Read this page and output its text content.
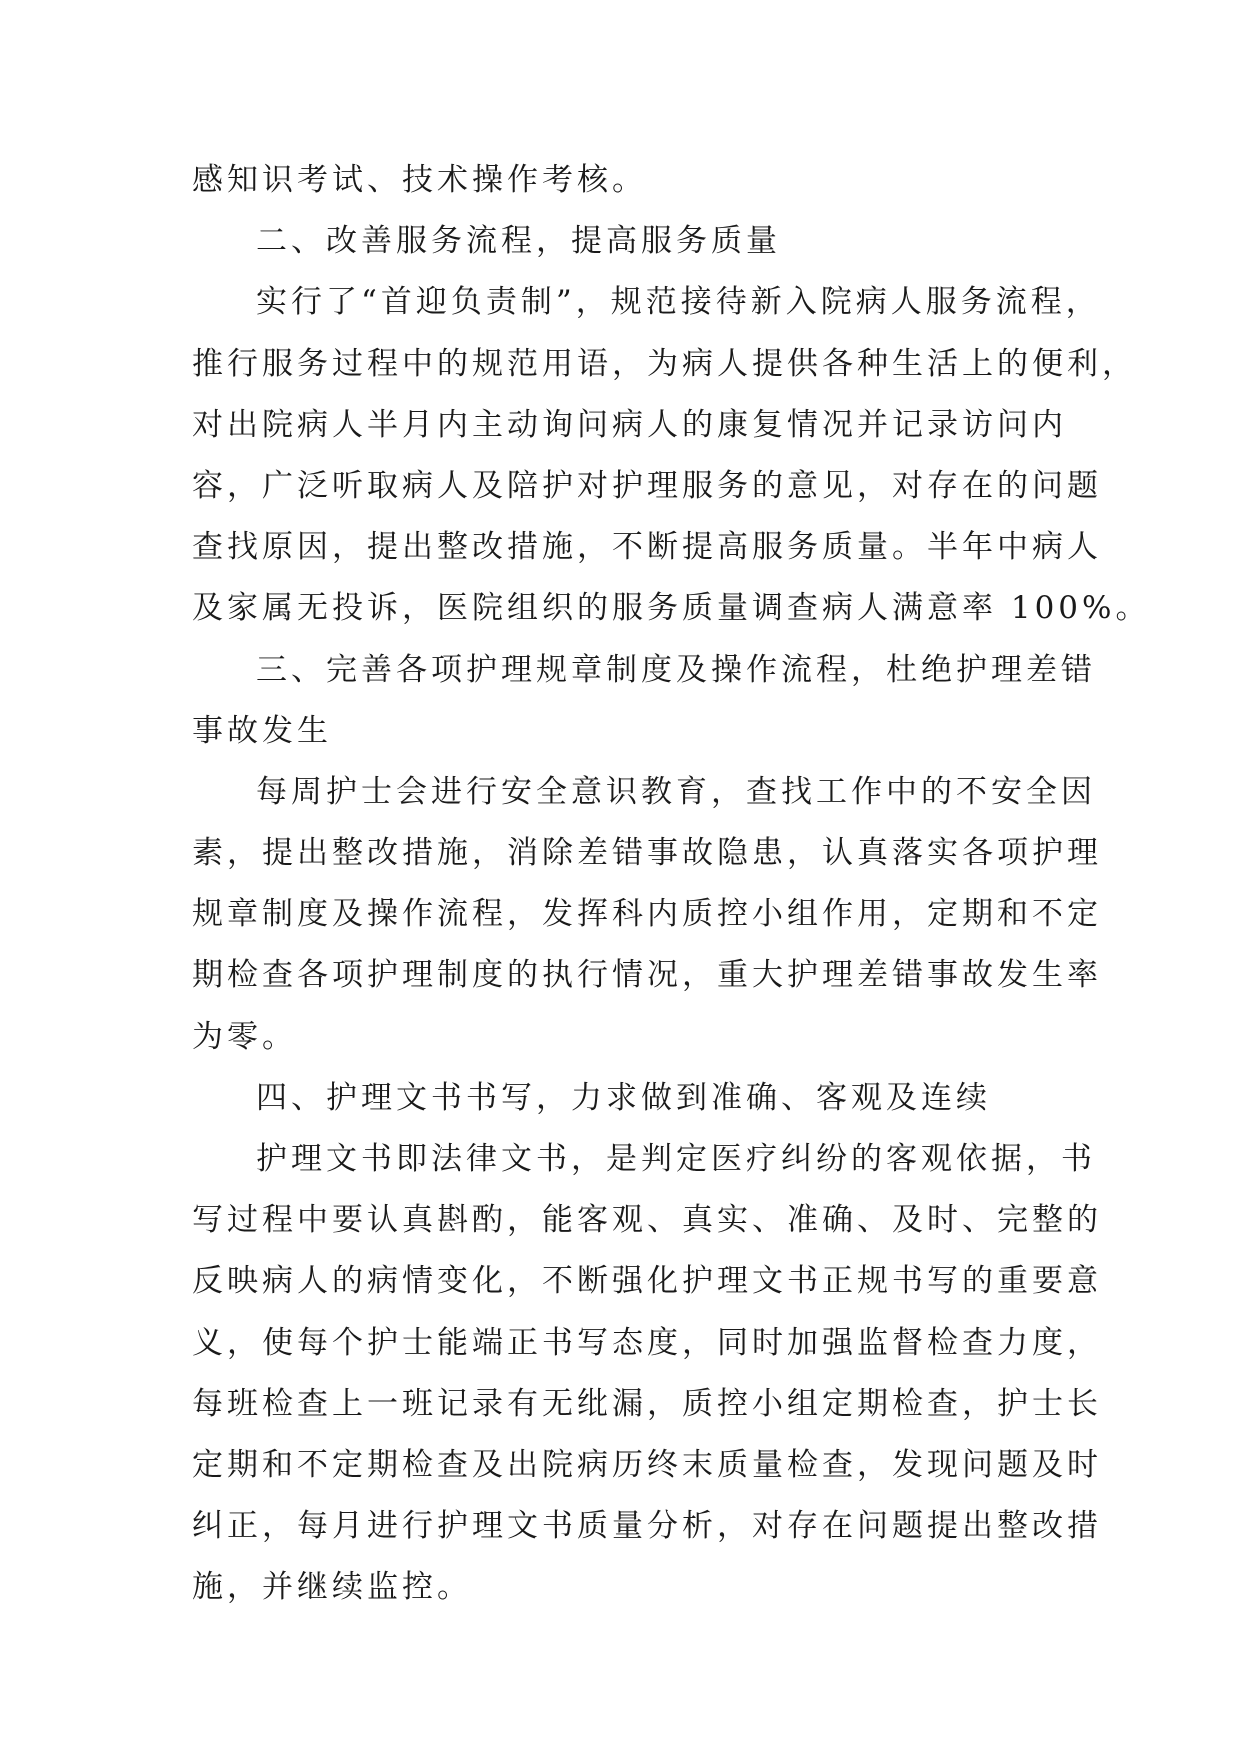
感知识考试、技术操作考核。
二、改善服务流程，提高服务质量
实行了“首迎负责制”，规范接待新入院病人服务流程，
推行服务过程中的规范用语，为病人提供各种生活上的便利，
对出院病人半月内主动询问病人的康复情况并记录访问内
容，广泛听取病人及陪护对护理服务的意见，对存在的问题
查找原因，提出整改措施，不断提高服务质量。半年中病人
及家属无投诉，医院组织的服务质量调查病人满意率 100%。
三、完善各项护理规章制度及操作流程，杜绝护理差错
事故发生
每周护士会进行安全意识教育，查找工作中的不安全因
素，提出整改措施，消除差错事故隐患，认真落实各项护理
规章制度及操作流程，发挥科内质控小组作用，定期和不定
期检查各项护理制度的执行情况，重大护理差错事故发生率
为零。
四、护理文书书写，力求做到准确、客观及连续
护理文书即法律文书，是判定医疗纠纷的客观依据，书
写过程中要认真斟酌，能客观、真实、准确、及时、完整的
反映病人的病情变化，不断强化护理文书正规书写的重要意
义，使每个护士能端正书写态度，同时加强监督检查力度，
每班检查上一班记录有无纰漏，质控小组定期检查，护士长
定期和不定期检查及出院病历终末质量检查，发现问题及时
纠正，每月进行护理文书质量分析，对存在问题提出整改措
施，并继续监控。
